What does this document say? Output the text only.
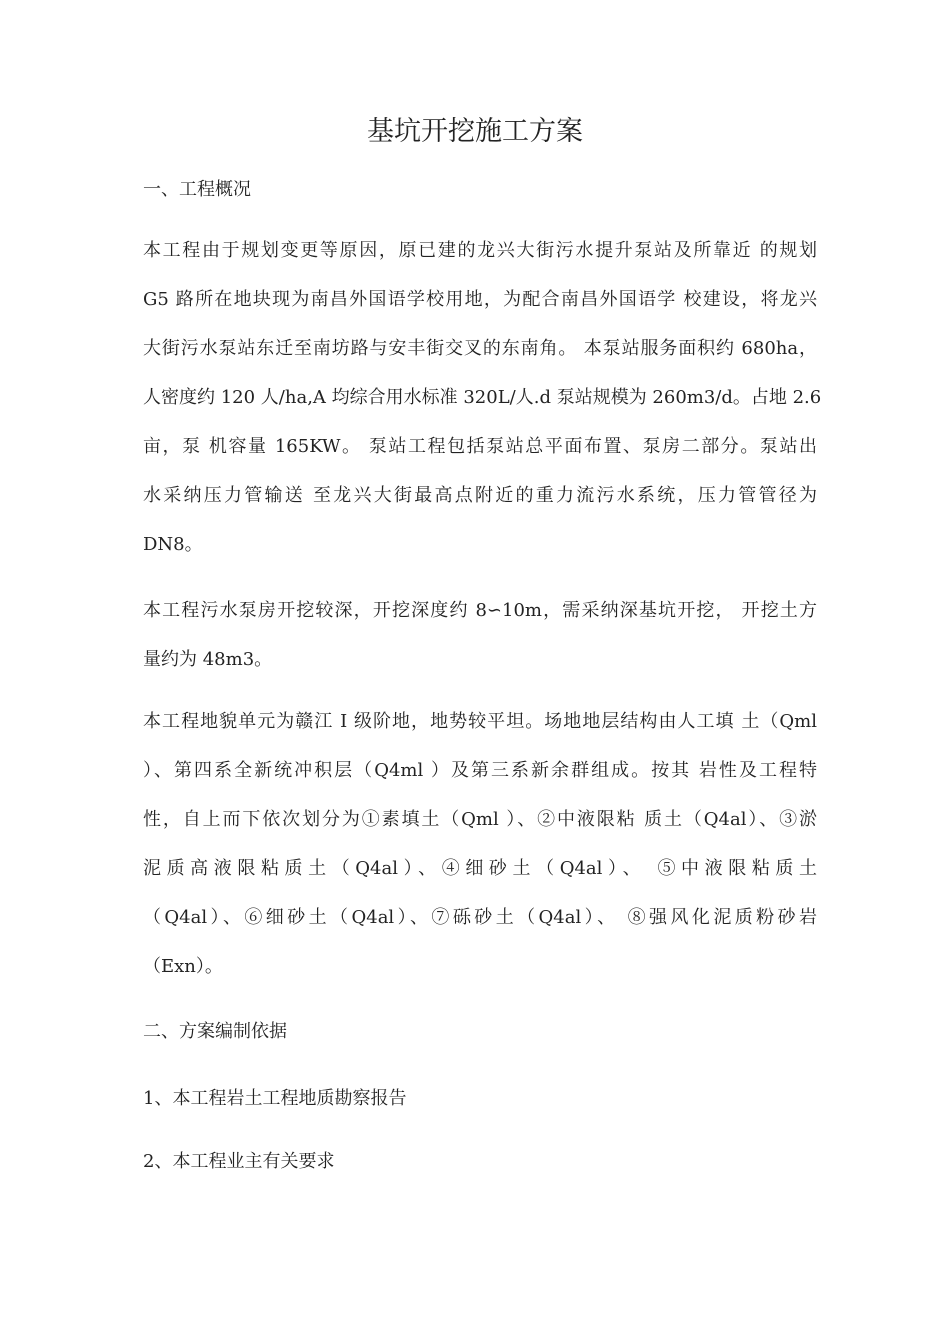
基坑开挖施工方案
一、工程概况
本工程由于规划变更等原因，原已建的龙兴大街污水提升泵站及所靠近 的规划
G5 路所在地块现为南昌外国语学校用地，为配合南昌外国语学 校建设，将龙兴
大街污水泵站东迁至南坊路与安丰街交叉的东南角。 本泵站服务面积约 680ha，
人密度约 120 人/ha,A 均综合用水标准 320L/人.d 泵站规模为 260m3/d。占地 2.6
亩，泵 机容量 165KW。 泵站工程包括泵站总平面布置、泵房二部分。泵站出
水采纳压力管输送 至龙兴大街最高点附近的重力流污水系统，压力管管径为
DN8。
本工程污水泵房开挖较深，开挖深度约 8∽10m，需采纳深基坑开挖， 开挖土方
量约为 48m3。
本工程地貌单元为赣江 I 级阶地，地势较平坦。场地地层结构由人工填 土（Qml
）、第四系全新统冲积层（Q4ml ）及第三系新余群组成。按其 岩性及工程特
性，自上而下依次划分为①素填土（Qml ）、②中液限粘 质土（Q4al）、③淤
泥质高液限粘质土（Q4al）、④细砂土（Q4al）、 ⑤中液限粘质土
（Q4al）、⑥细砂土（Q4al）、⑦砾砂土（Q4al）、 ⑧强风化泥质粉砂岩
（Exn）。
二、方案编制依据

1、本工程岩土工程地质勘察报告

2、本工程业主有关要求
